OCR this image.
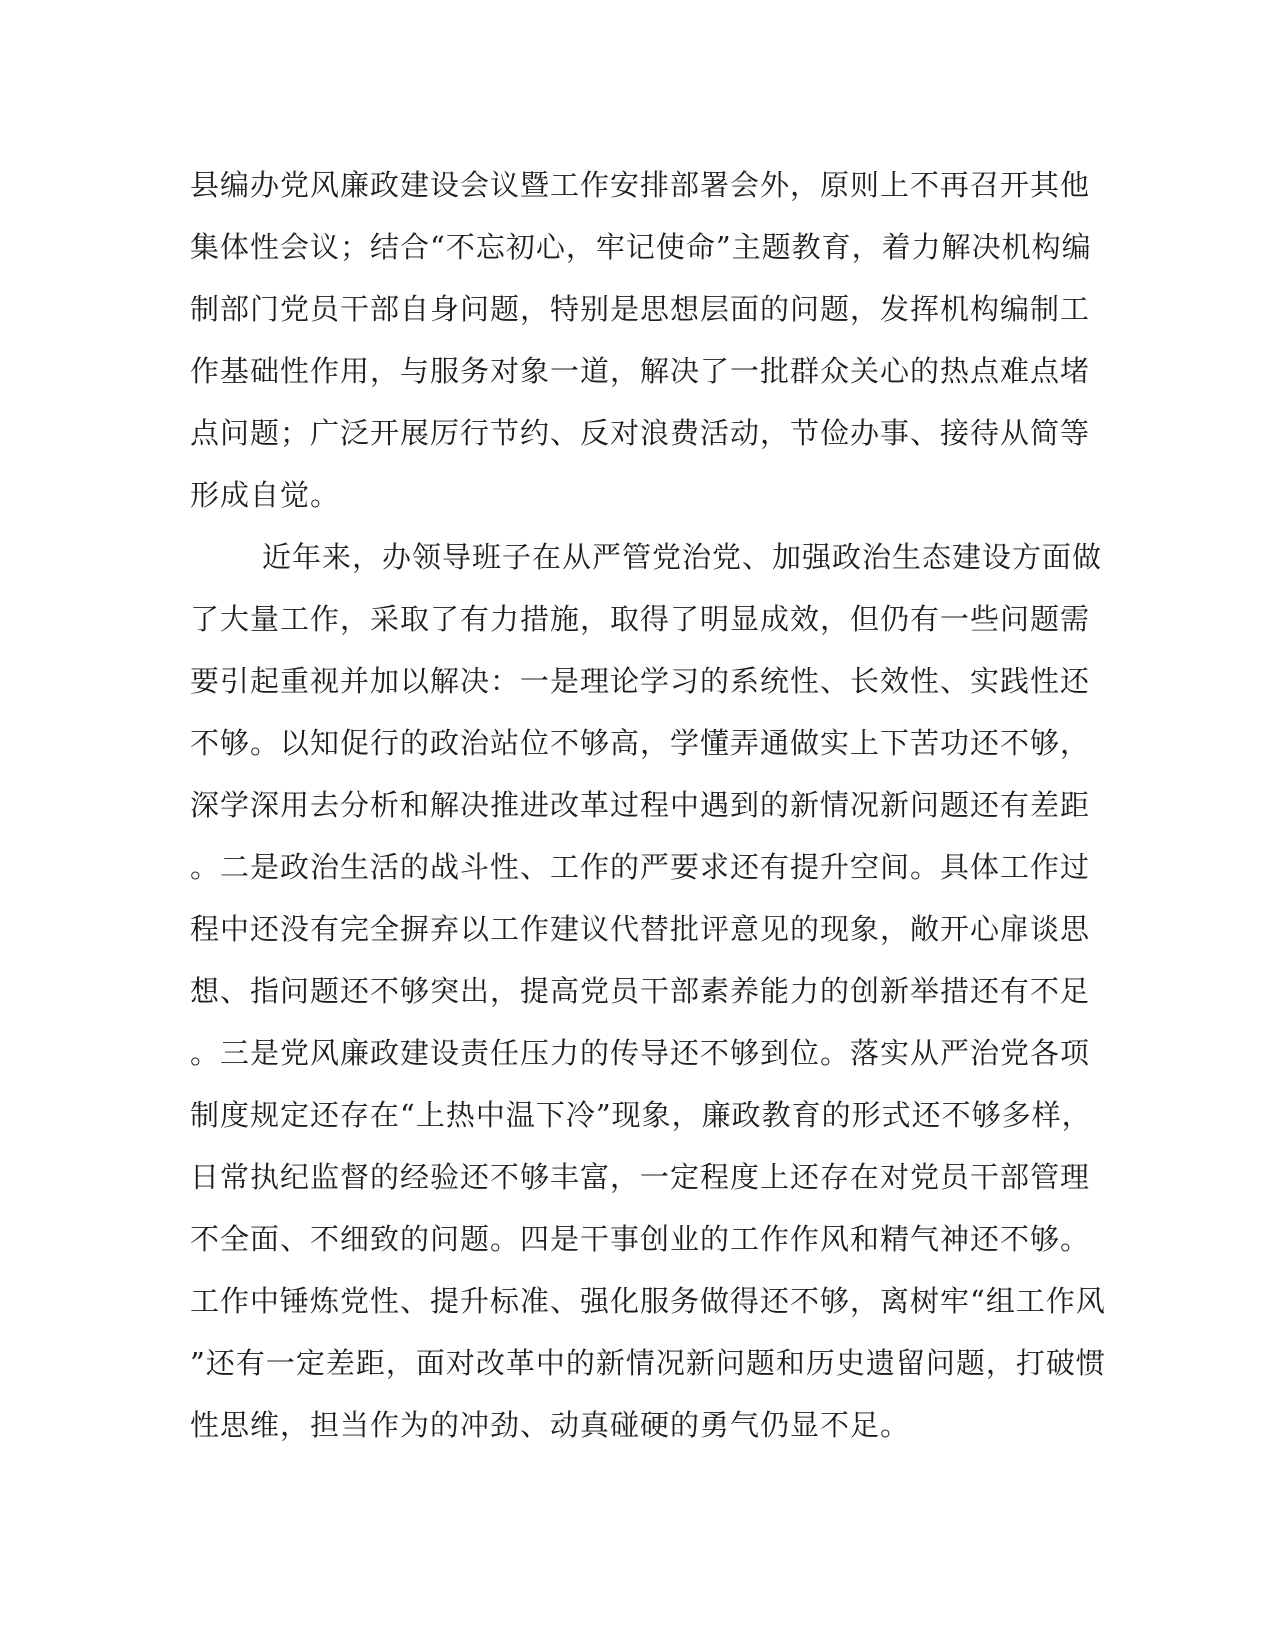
县编办党风廉政建设会议暨工作安排部署会外，原则上不再召开其他
集体性会议；结合“不忘初心，牢记使命”主题教育，着力解决机构编
制部门党员干部自身问题，特别是思想层面的问题，发挥机构编制工
作基础性作用，与服务对象一道，解决了一批群众关心的热点难点堵
点问题；广泛开展厉行节约、反对浪费活动，节俭办事、接待从简等
形成自觉。
近年来，办领导班子在从严管党治党、加强政治生态建设方面做
了大量工作，采取了有力措施，取得了明显成效，但仍有一些问题需
要引起重视并加以解决：一是理论学习的系统性、长效性、实践性还
不够。以知促行的政治站位不够高，学懂弄通做实上下苦功还不够，
深学深用去分析和解决推进改革过程中遇到的新情况新问题还有差距
。二是政治生活的战斗性、工作的严要求还有提升空间。具体工作过
程中还没有完全摒弃以工作建议代替批评意见的现象，敞开心扉谈思
想、指问题还不够突出，提高党员干部素养能力的创新举措还有不足
。三是党风廉政建设责任压力的传导还不够到位。落实从严治党各项
制度规定还存在“上热中温下冷”现象，廉政教育的形式还不够多样，
日常执纪监督的经验还不够丰富，一定程度上还存在对党员干部管理
不全面、不细致的问题。四是干事创业的工作作风和精气神还不够。
工作中锤炼党性、提升标准、强化服务做得还不够，离树牢“组工作风
”还有一定差距，面对改革中的新情况新问题和历史遗留问题，打破惯
性思维，担当作为的冲劲、动真碰硬的勇气仍显不足。
